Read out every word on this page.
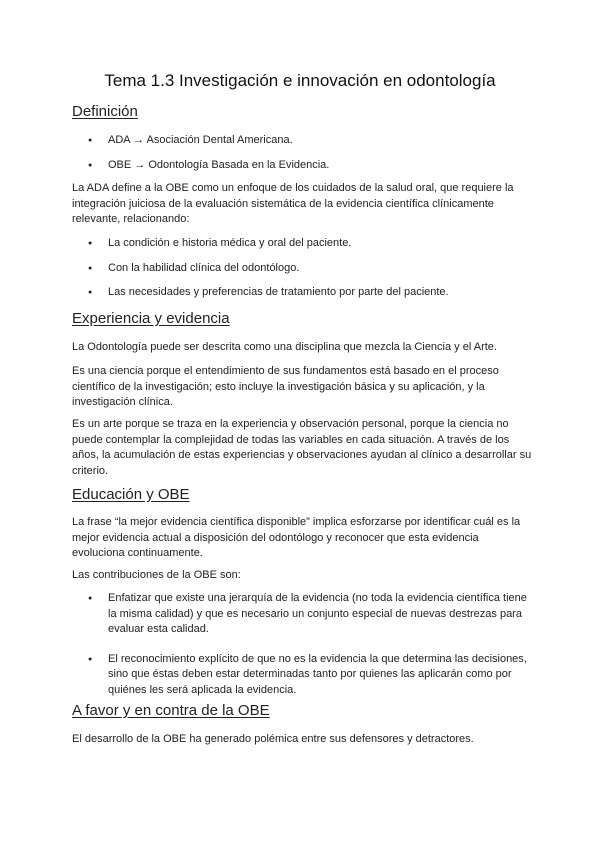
Tema 1.3 Investigación e innovación en odontología
Definición
● ADA → Asociación Dental Americana.
● OBE → Odontología Basada en la Evidencia.

La ADA define a la OBE como un enfoque de los cuidados de la salud oral, que requiere la integración juiciosa de la evaluación sistemática de la evidencia científica clínicamente relevante, relacionando:

● La condición e historia médica y oral del paciente.
● Con la habilidad clínica del odontólogo.
● Las necesidades y preferencias de tratamiento por parte del paciente.
Experiencia y evidencia

La Odontología puede ser descrita como una disciplina que mezcla la Ciencia y el Arte.

Es una ciencia porque el entendimiento de sus fundamentos está basado en el proceso científico de la investigación; esto incluye la investigación básica y su aplicación, y la investigación clínica.

Es un arte porque se traza en la experiencia y observación personal, porque la ciencia no puede contemplar la complejidad de todas las variables en cada situación. A través de los años, la acumulación de estas experiencias y observaciones ayudan al clínico a desarrollar su criterio.

Educación y OBE

La frase “la mejor evidencia científica disponible” implica esforzarse por identificar cuál es la mejor evidencia actual a disposición del odontólogo y reconocer que esta evidencia evoluciona continuamente.

Las contribuciones de la OBE son:

● Enfatizar que existe una jerarquía de la evidencia (no toda la evidencia científica tiene la misma calidad) y que es necesario un conjunto especial de nuevas destrezas para evaluar esta calidad.
● El reconocimiento explícito de que no es la evidencia la que determina las decisiones, sino que éstas deben estar determinadas tanto por quienes las aplicarán como por quiénes les será aplicada la evidencia.
A favor y en contra de la OBE

El desarrollo de la OBE ha generado polémica entre sus defensores y detractores.
